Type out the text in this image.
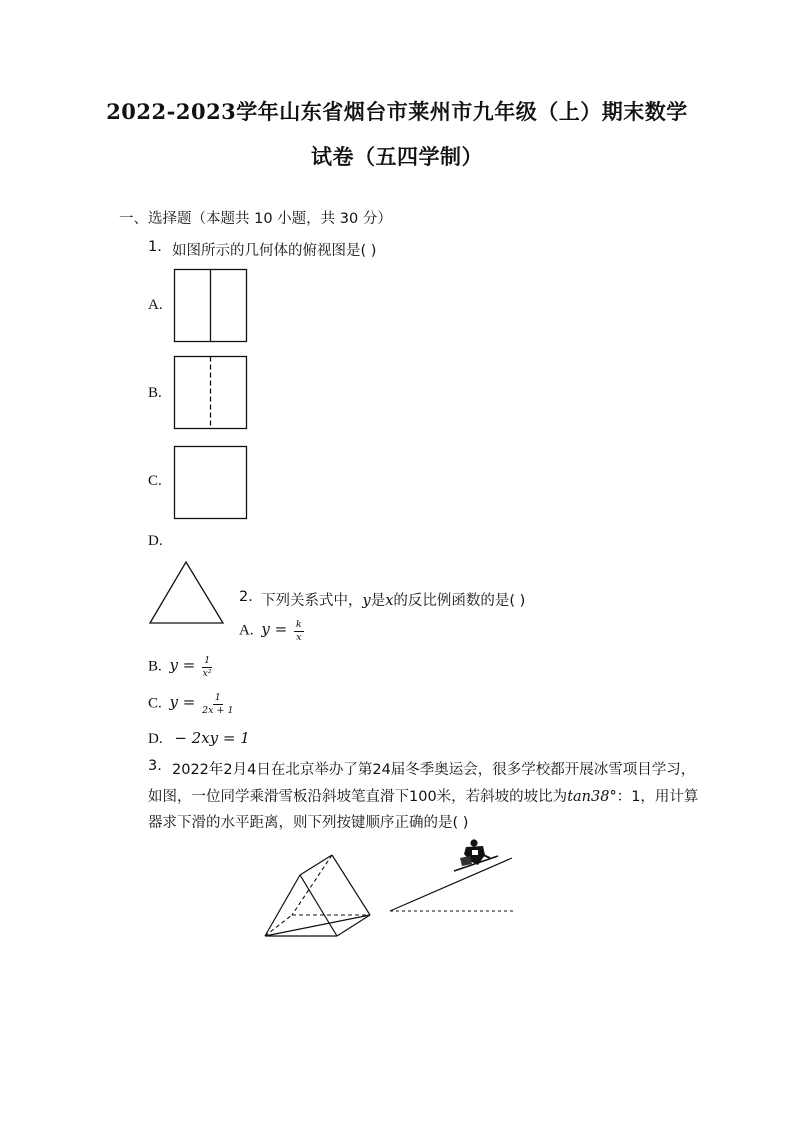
2022-2023学年山东省烟台市莱州市九年级（上）期末数学
试卷（五四学制）
一、选择题（本题共 10 小题，共 30 分）
1. 如图所示的几何体的俯视图是( )
A.
B.
C.
D.
2. 下列关系式中，y是x的反比例函数的是( )
A. $y = \frac{k}{x}$
B. $y = \frac{1}{\text{x²}}$
C. $y = \frac{1}{2x + 1}$
D. − 2xy = 1
3. 2022年2月4日在北京举办了第24届冬季奥运会，很多学校都开展冰雪项目学习，
如图，一位同学乘滑雪板沿斜坡笔直滑下100米，若斜坡的坡比为tan38°：1，用计算
器求下滑的水平距离，则下列按键顺序正确的是( )
